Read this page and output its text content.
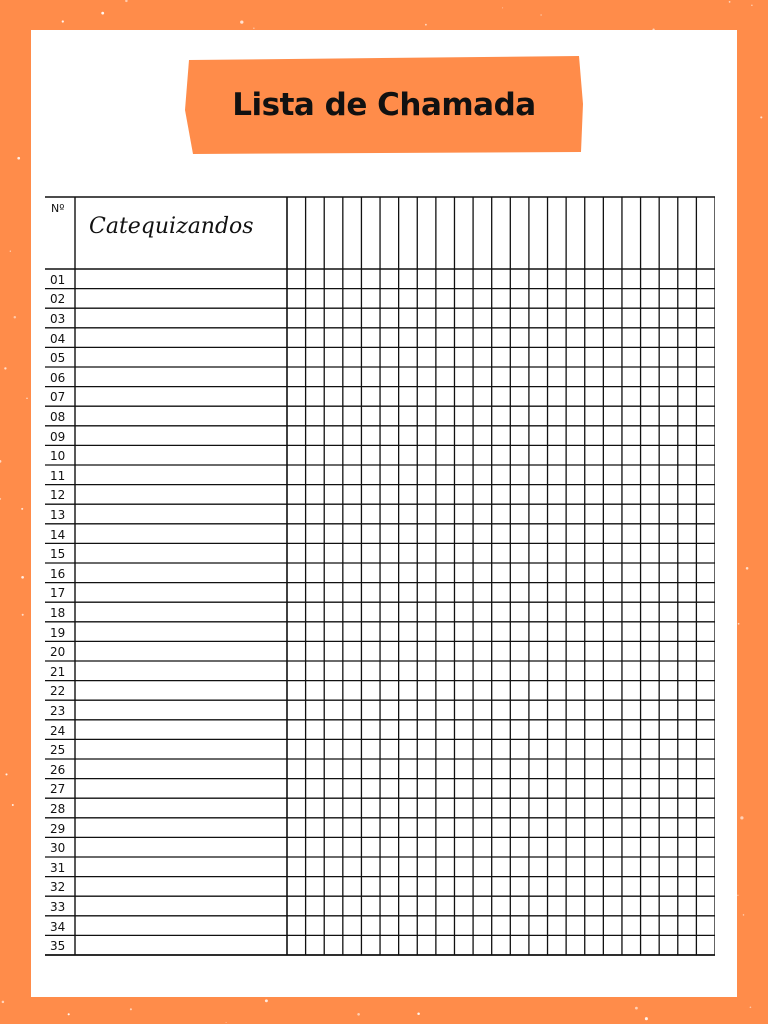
Lista de Chamada
Nº
Catequizandos
01
02
03
04
05
06
07
08
09
10
11
12
13
14
15
16
17
18
19
20
21
22
23
24
25
26
27
28
29
30
31
32
33
34
35
